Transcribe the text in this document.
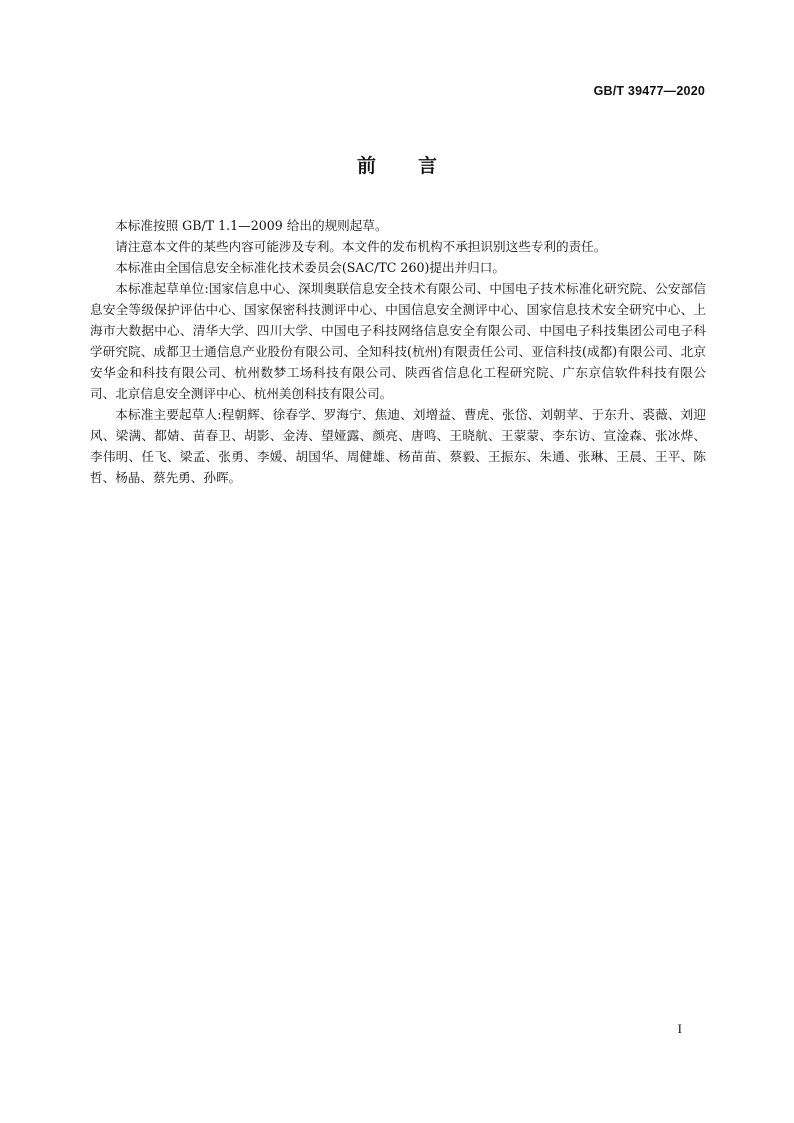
GB/T 39477—2020
前言

本标准按照 GB/T 1.1—2009 给出的规则起草。

请注意本文件的某些内容可能涉及专利。本文件的发布机构不承担识别这些专利的责任。

本标准由全国信息安全标准化技术委员会(SAC/TC 260)提出并归口。

本标准起草单位:国家信息中心、深圳奥联信息安全技术有限公司、中国电子技术标准化研究院、公安部信息安全等级保护评估中心、国家保密科技测评中心、中国信息安全测评中心、国家信息技术安全研究中心、上海市大数据中心、清华大学、四川大学、中国电子科技网络信息安全有限公司、中国电子科技集团公司电子科学研究院、成都卫士通信息产业股份有限公司、全知科技(杭州)有限责任公司、亚信科技(成都)有限公司、北京安华金和科技有限公司、杭州数梦工场科技有限公司、陕西省信息化工程研究院、广东京信软件科技有限公司、北京信息安全测评中心、杭州美创科技有限公司。

本标准主要起草人:程朝辉、徐春学、罗海宁、焦迪、刘增益、曹虎、张岱、刘朝苹、于东升、裘薇、刘迎风、梁满、都婧、苗春卫、胡影、金涛、望娅露、颜亮、唐鸣、王晓航、王蒙蒙、李东访、宣淦森、张冰烨、李伟明、任飞、梁孟、张勇、李媛、胡国华、周健雄、杨苗苗、蔡毅、王振东、朱通、张琳、王晨、王平、陈哲、杨晶、蔡先勇、孙晖。

I
